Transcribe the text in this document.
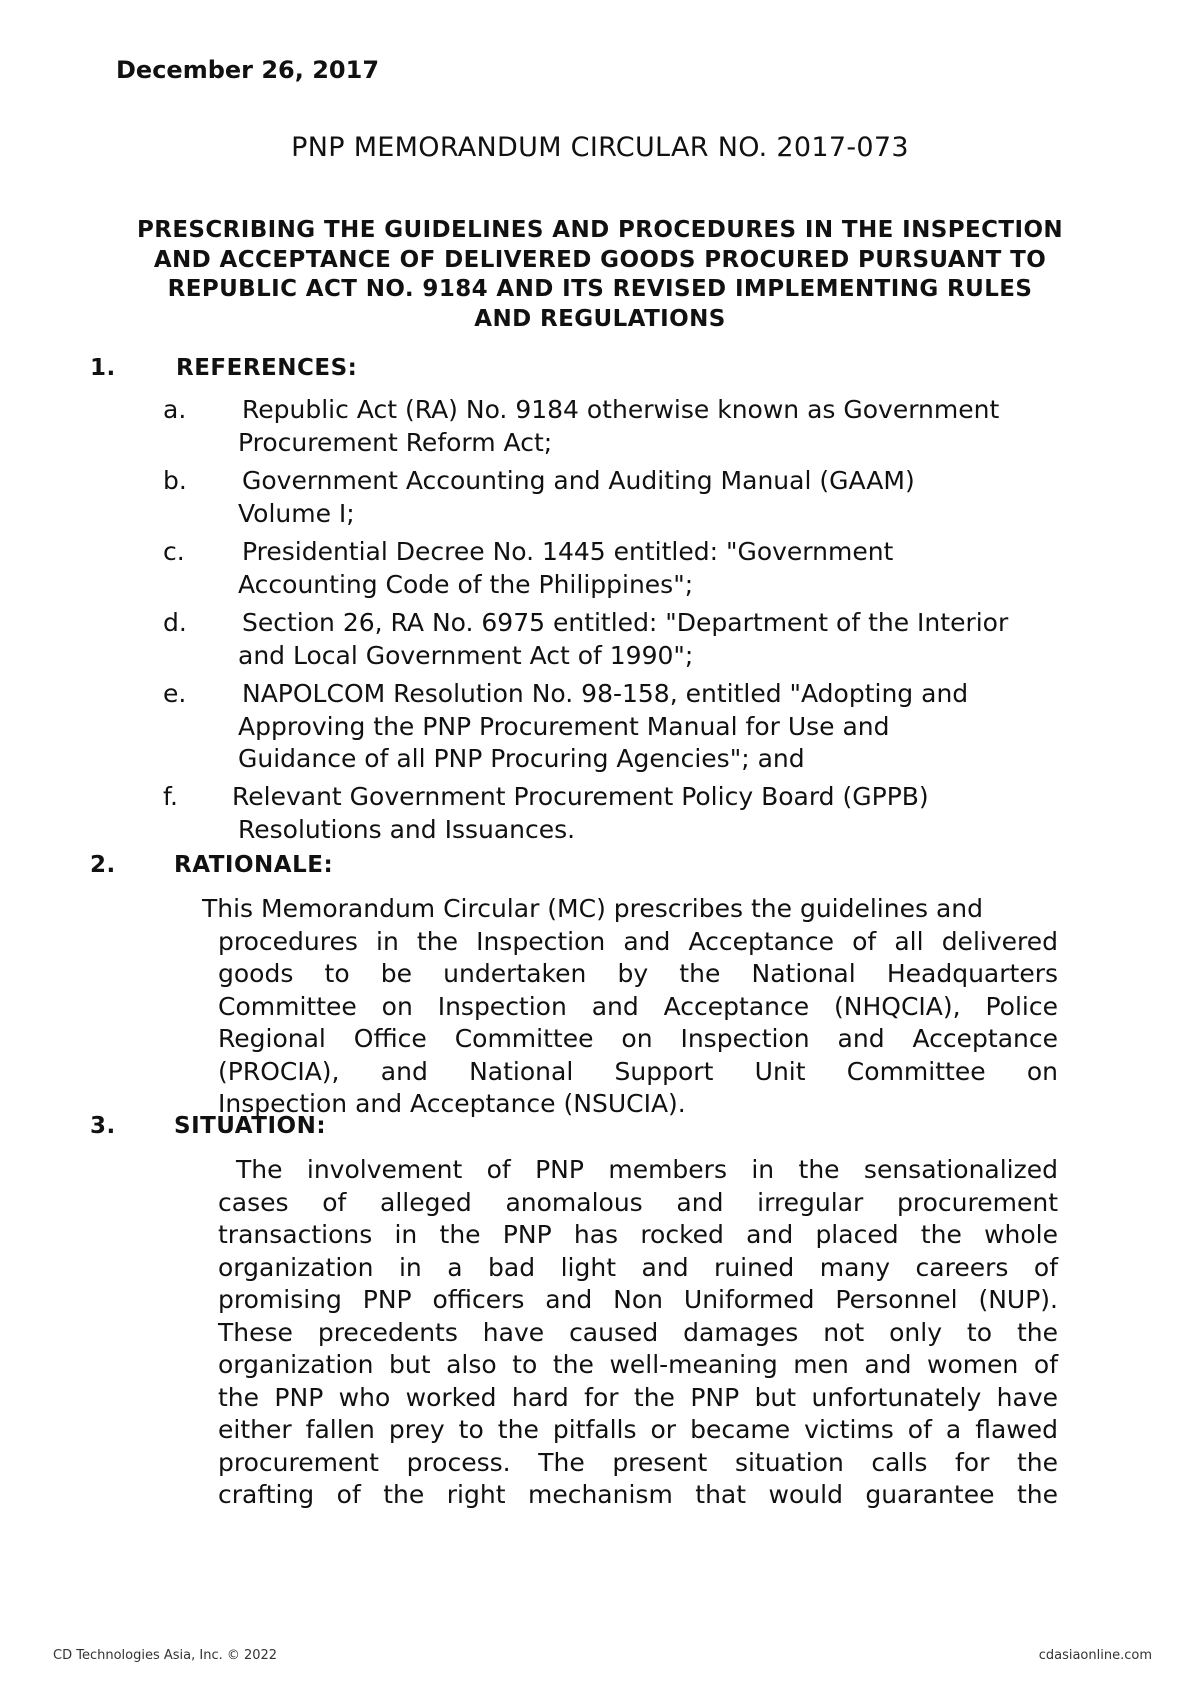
December 26, 2017
PNP MEMORANDUM CIRCULAR NO. 2017-073
PRESCRIBING THE GUIDELINES AND PROCEDURES IN THE INSPECTION
AND ACCEPTANCE OF DELIVERED GOODS PROCURED PURSUANT TO
REPUBLIC ACT NO. 9184 AND ITS REVISED IMPLEMENTING RULES
AND REGULATIONS
1.	REFERENCES:
a. Republic Act (RA) No. 9184 otherwise known as Government
Procurement Reform Act;
b. Government Accounting and Auditing Manual (GAAM)
Volume I;
c. Presidential Decree No. 1445 entitled: "Government
Accounting Code of the Philippines";
d. Section 26, RA No. 6975 entitled: "Department of the Interior
and Local Government Act of 1990";
e. NAPOLCOM Resolution No. 98-158, entitled "Adopting and
Approving the PNP Procurement Manual for Use and
Guidance of all PNP Procuring Agencies"; and
f. Relevant Government Procurement Policy Board (GPPB)
Resolutions and Issuances.
2.	RATIONALE:
This Memorandum Circular (MC) prescribes the guidelines and
procedures in the Inspection and Acceptance of all delivered
goods to be undertaken by the National Headquarters
Committee on Inspection and Acceptance (NHQCIA), Police
Regional Office Committee on Inspection and Acceptance
(PROCIA), and National Support Unit Committee on
Inspection and Acceptance (NSUCIA).
3.	SITUATION:
The involvement of PNP members in the sensationalized
cases of alleged anomalous and irregular procurement
transactions in the PNP has rocked and placed the whole
organization in a bad light and ruined many careers of
promising PNP officers and Non Uniformed Personnel (NUP).
These precedents have caused damages not only to the
organization but also to the well-meaning men and women of
the PNP who worked hard for the PNP but unfortunately have
either fallen prey to the pitfalls or became victims of a flawed
procurement process. The present situation calls for the
crafting of the right mechanism that would guarantee the
CD Technologies Asia, Inc. © 2022	cdasiaonline.com
